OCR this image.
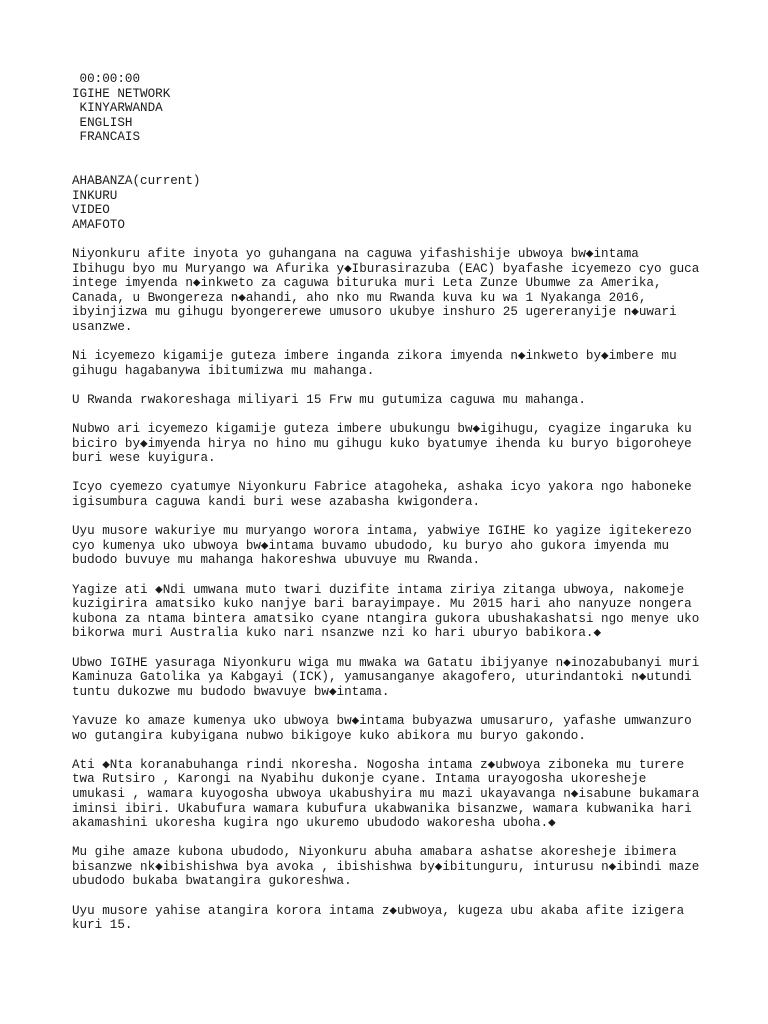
00:00:00
IGIHE NETWORK
KINYARWANDA
ENGLISH
FRANCAIS
AHABANZA(current)
INKURU
VIDEO
AMAFOTO
Niyonkuru afite inyota yo guhangana na caguwa yifashishije ubwoya bw◆intama
Ibihugu byo mu Muryango wa Afurika y◆Iburasirazuba (EAC) byafashe icyemezo cyo guca
intege imyenda n◆inkweto za caguwa bituruka muri Leta Zunze Ubumwe za Amerika,
Canada, u Bwongereza n◆ahandi, aho nko mu Rwanda kuva ku wa 1 Nyakanga 2016,
ibyinjizwa mu gihugu byongererewe umusoro ukubye inshuro 25 ugereranyije n◆uwari
usanzwe.
Ni icyemezo kigamije guteza imbere inganda zikora imyenda n◆inkweto by◆imbere mu
gihugu hagabanywa ibitumizwa mu mahanga.
U Rwanda rwakoreshaga miliyari 15 Frw mu gutumiza caguwa mu mahanga.
Nubwo ari icyemezo kigamije guteza imbere ubukungu bw◆igihugu, cyagize ingaruka ku
biciro by◆imyenda hirya no hino mu gihugu kuko byatumye ihenda ku buryo bigoroheye
buri wese kuyigura.
Icyo cyemezo cyatumye Niyonkuru Fabrice atagoheka, ashaka icyo yakora ngo haboneke
igisumbura caguwa kandi buri wese azabasha kwigondera.
Uyu musore wakuriye mu muryango worora intama, yabwiye IGIHE ko yagize igitekerezo
cyo kumenya uko ubwoya bw◆intama buvamo ubudodo, ku buryo aho gukora imyenda mu
budodo buvuye mu mahanga hakoreshwa ubuvuye mu Rwanda.
Yagize ati ◆Ndi umwana muto twari duzifite intama ziriya zitanga ubwoya, nakomeje
kuzigirira amatsiko kuko nanjye bari barayimpaye. Mu 2015 hari aho nanyuze nongera
kubona za ntama bintera amatsiko cyane ntangira gukora ubushakashatsi ngo menye uko
bikorwa muri Australia kuko nari nsanzwe nzi ko hari uburyo babikora.◆
Ubwo IGIHE yasuraga Niyonkuru wiga mu mwaka wa Gatatu ibijyanye n◆inozabubanyi muri
Kaminuza Gatolika ya Kabgayi (ICK), yamusanganye akagofero, uturindantoki n◆utundi
tuntu dukozwe mu budodo bwavuye bw◆intama.
Yavuze ko amaze kumenya uko ubwoya bw◆intama bubyazwa umusaruro, yafashe umwanzuro
wo gutangira kubyigana nubwo bikigoye kuko abikora mu buryo gakondo.
Ati ◆Nta koranabuhanga rindi nkoresha. Nogosha intama z◆ubwoya ziboneka mu turere
twa Rutsiro , Karongi na Nyabihu dukonje cyane. Intama urayogosha ukoresheje
umukasi , wamara kuyogosha ubwoya ukabushyira mu mazi ukayavanga n◆isabune bukamara
iminsi ibiri. Ukabufura wamara kubufura ukabwanika bisanzwe, wamara kubwanika hari
akamashini ukoresha kugira ngo ukuremo ubudodo wakoresha uboha.◆
Mu gihe amaze kubona ubudodo, Niyonkuru abuha amabara ashatse akoresheje ibimera
bisanzwe nk◆ibishishwa bya avoka , ibishishwa by◆ibitunguru, inturusu n◆ibindi maze
ubudodo bukaba bwatangira gukoreshwa.
Uyu musore yahise atangira korora intama z◆ubwoya, kugeza ubu akaba afite izigera
kuri 15.
